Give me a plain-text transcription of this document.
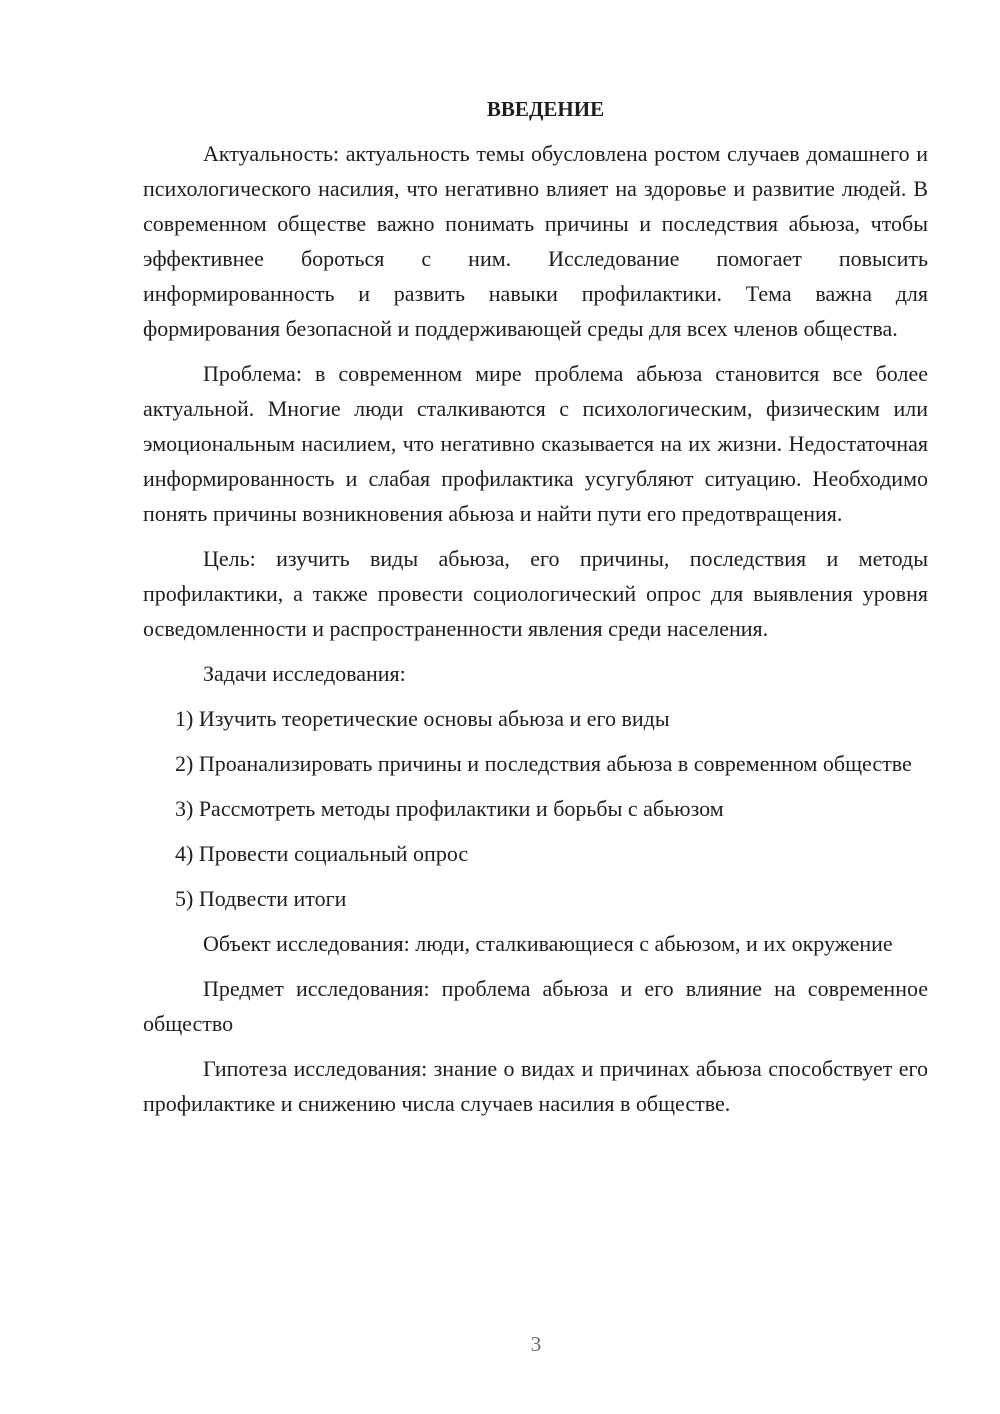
ВВЕДЕНИЕ

Актуальность: актуальность темы обусловлена ростом случаев домашнего и психологического насилия, что негативно влияет на здоровье и развитие людей. В современном обществе важно понимать причины и последствия абьюза, чтобы эффективнее бороться с ним. Исследование помогает повысить информированность и развить навыки профилактики. Тема важна для формирования безопасной и поддерживающей среды для всех членов общества.

Проблема: в современном мире проблема абьюза становится все более актуальной. Многие люди сталкиваются с психологическим, физическим или эмоциональным насилием, что негативно сказывается на их жизни. Недостаточная информированность и слабая профилактика усугубляют ситуацию. Необходимо понять причины возникновения абьюза и найти пути его предотвращения.

Цель: изучить виды абьюза, его причины, последствия и методы профилактики, а также провести социологический опрос для выявления уровня осведомленности и распространенности явления среди населения.

Задачи исследования:

1) Изучить теоретические основы абьюза и его виды

2) Проанализировать причины и последствия абьюза в современном обществе

3) Рассмотреть методы профилактики и борьбы с абьюзом

4) Провести социальный опрос

5) Подвести итоги

Объект исследования: люди, сталкивающиеся с абьюзом, и их окружение

Предмет исследования: проблема абьюза и его влияние на современное общество

Гипотеза исследования: знание о видах и причинах абьюза способствует его профилактике и снижению числа случаев насилия в обществе.

3
